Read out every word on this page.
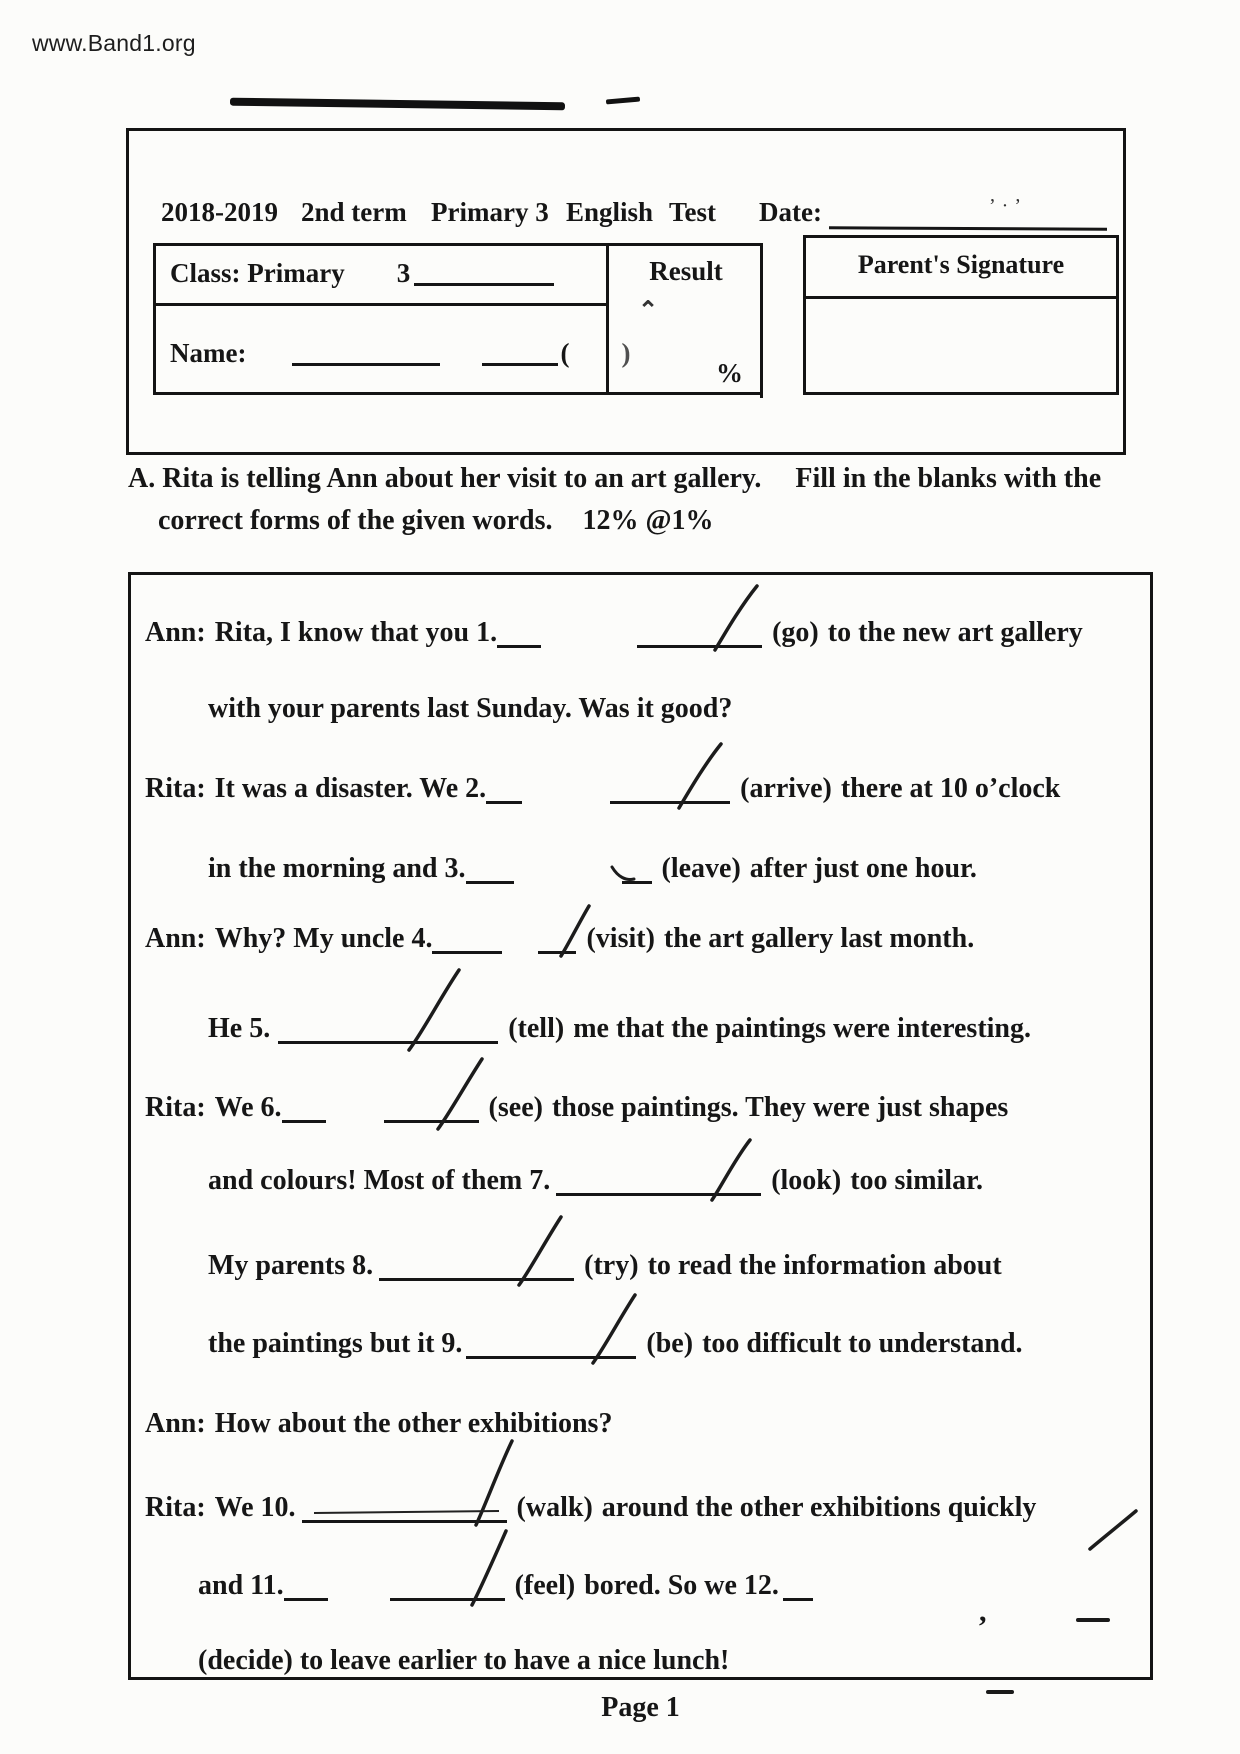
www.Band1.org
2018-2019 2nd term Primary 3 English Test Date:	’·’
Class: Primary 3
Name:	( )
Result
⌃
%
Parent's Signature
A. Rita is telling Ann about her visit to an art gallery. Fill in the blanks with the
correct forms of the given words. 12% @1%
Ann: Rita, I know that you 1.	(go) to the new art gallery
with your parents last Sunday. Was it good?
Rita: It was a disaster. We 2.	(arrive) there at 10 o’clock
in the morning and 3.	(leave) after just one hour.
Ann: Why? My uncle 4.	(visit) the art gallery last month.
He 5.	(tell) me that the paintings were interesting.
Rita: We 6.	(see) those paintings. They were just shapes
and colours! Most of them 7.	(look) too similar.
My parents 8.	(try) to read the information about
the paintings but it 9.	(be) too difficult to understand.
Ann: How about the other exhibitions?
Rita: We 10.	(walk) around the other exhibitions quickly
and 11.	(feel) bored. So we 12.
(decide) to leave earlier to have a nice lunch!
,
Page 1
